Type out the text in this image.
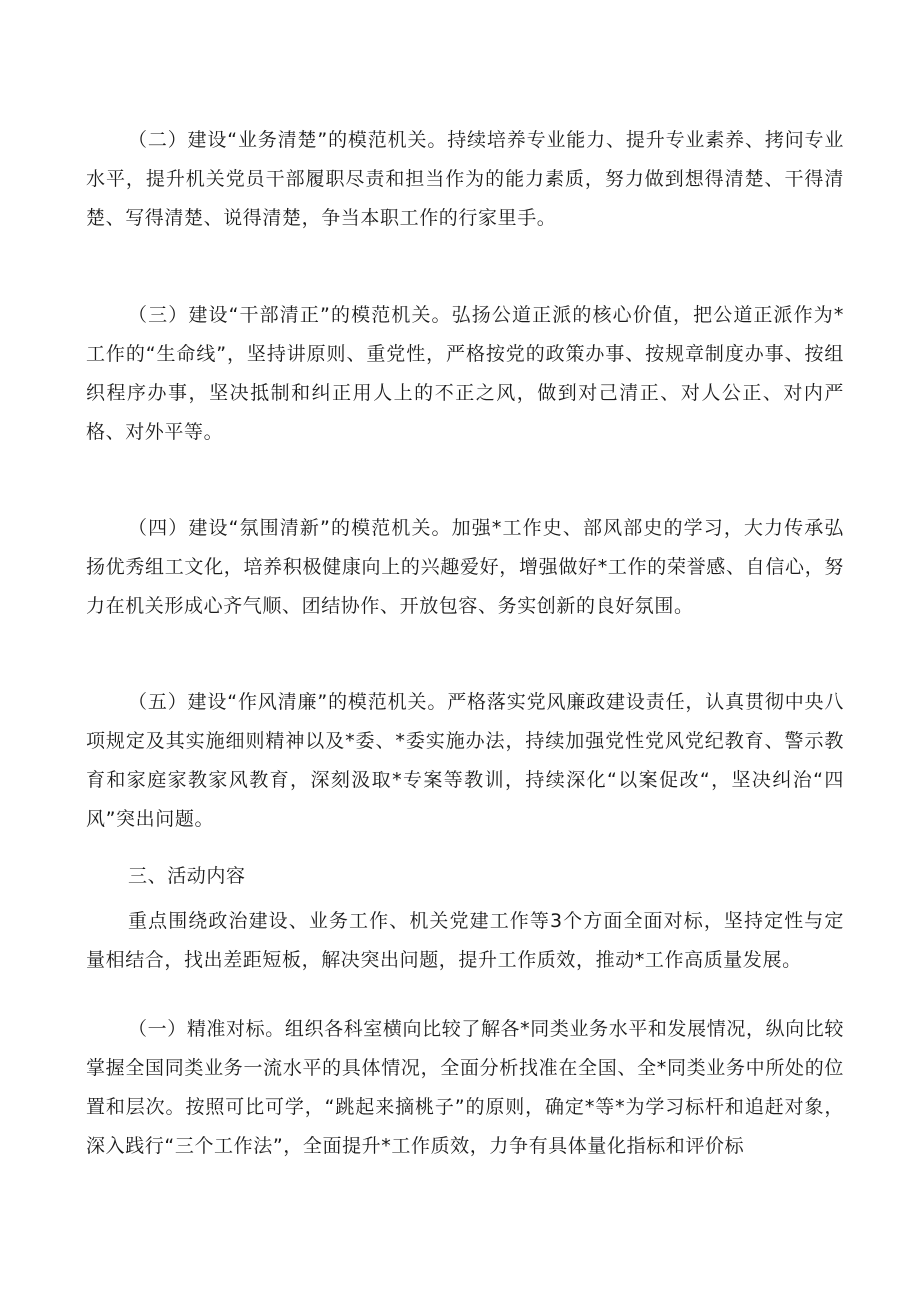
（二）建设“业务清楚”的模范机关。持续培养专业能力、提升专业素养、拷问专业水平，提升机关党员干部履职尽责和担当作为的能力素质，努力做到想得清楚、干得清楚、写得清楚、说得清楚，争当本职工作的行家里手。

（三）建设“干部清正”的模范机关。弘扬公道正派的核心价值，把公道正派作为*工作的“生命线”，坚持讲原则、重党性，严格按党的政策办事、按规章制度办事、按组织程序办事，坚决抵制和纠正用人上的不正之风，做到对己清正、对人公正、对内严格、对外平等。

（四）建设“氛围清新”的模范机关。加强*工作史、部风部史的学习，大力传承弘扬优秀组工文化，培养积极健康向上的兴趣爱好，增强做好*工作的荣誉感、自信心，努力在机关形成心齐气顺、团结协作、开放包容、务实创新的良好氛围。

（五）建设“作风清廉”的模范机关。严格落实党风廉政建设责任，认真贯彻中央八项规定及其实施细则精神以及*委、*委实施办法，持续加强党性党风党纪教育、警示教育和家庭家教家风教育，深刻汲取*专案等教训，持续深化“以案促改“，坚决纠治“四风”突出问题。

三、活动内容

重点围绕政治建设、业务工作、机关党建工作等3个方面全面对标，坚持定性与定量相结合，找出差距短板，解决突出问题，提升工作质效，推动*工作高质量发展。

（一）精准对标。组织各科室横向比较了解各*同类业务水平和发展情况，纵向比较掌握全国同类业务一流水平的具体情况，全面分析找准在全国、全*同类业务中所处的位置和层次。按照可比可学，“跳起来摘桃子”的原则，确定*等*为学习标杆和追赶对象，深入践行“三个工作法”，全面提升*工作质效，力争有具体量化指标和评价标
